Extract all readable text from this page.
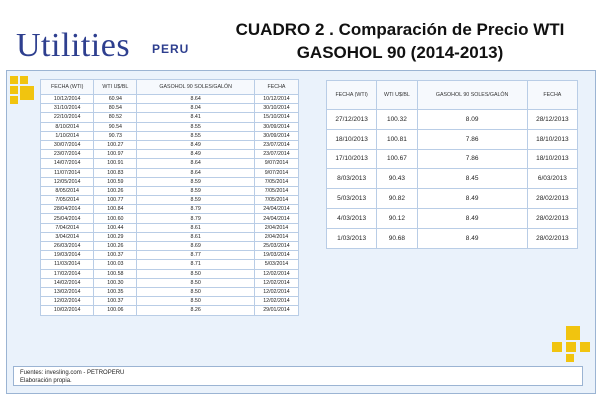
Utilities PERU
CUADRO 2 . Comparación de Precio WTI
GASOHOL 90 (2014-2013)
FECHA (WTI)	WTI U$/BL	GASOHOL 90 SOLES/GALÓN	FECHA
10/12/2014	60.94	8.64	10/12/2014
31/10/2014	80.54	8.04	30/10/2014
22/10/2014	80.52	8.41	15/10/2014
8/10/2014	90.54	8.55	30/09/2014
1/10/2014	90.73	8.55	30/09/2014
30/07/2014	100.27	8.49	23/07/2014
23/07/2014	100.97	8.49	23/07/2014
14/07/2014	100.91	8.64	9/07/2014
11/07/2014	100.83	8.64	9/07/2014
12/05/2014	100.59	8.59	7/05/2014
8/05/2014	100.26	8.59	7/05/2014
7/05/2014	100.77	8.59	7/05/2014
28/04/2014	100.84	8.79	24/04/2014
25/04/2014	100.60	8.79	24/04/2014
7/04/2014	100.44	8.61	2/04/2014
3/04/2014	100.29	8.61	2/04/2014
26/03/2014	100.26	8.69	25/03/2014
19/03/2014	100.37	8.77	19/03/2014
11/03/2014	100.03	8.71	5/03/2014
17/02/2014	100.58	8.50	12/02/2014
14/02/2014	100.30	8.50	12/02/2014
13/02/2014	100.35	8.50	12/02/2014
12/02/2014	100.37	8.50	12/02/2014
10/02/2014	100.06	8.26	29/01/2014
FECHA (WTI)	WTI U$/BL	GASOHOL 90 SOLES/GALÓN	FECHA
27/12/2013	100.32	8.09	28/12/2013
18/10/2013	100.81	7.86	18/10/2013
17/10/2013	100.67	7.86	18/10/2013
8/03/2013	90.43	8.45	6/03/2013
5/03/2013	90.82	8.49	28/02/2013
4/03/2013	90.12	8.49	28/02/2013
1/03/2013	90.68	8.49	28/02/2013
Fuentes: invesIing.com - PETROPERU
Elaboración propia.
